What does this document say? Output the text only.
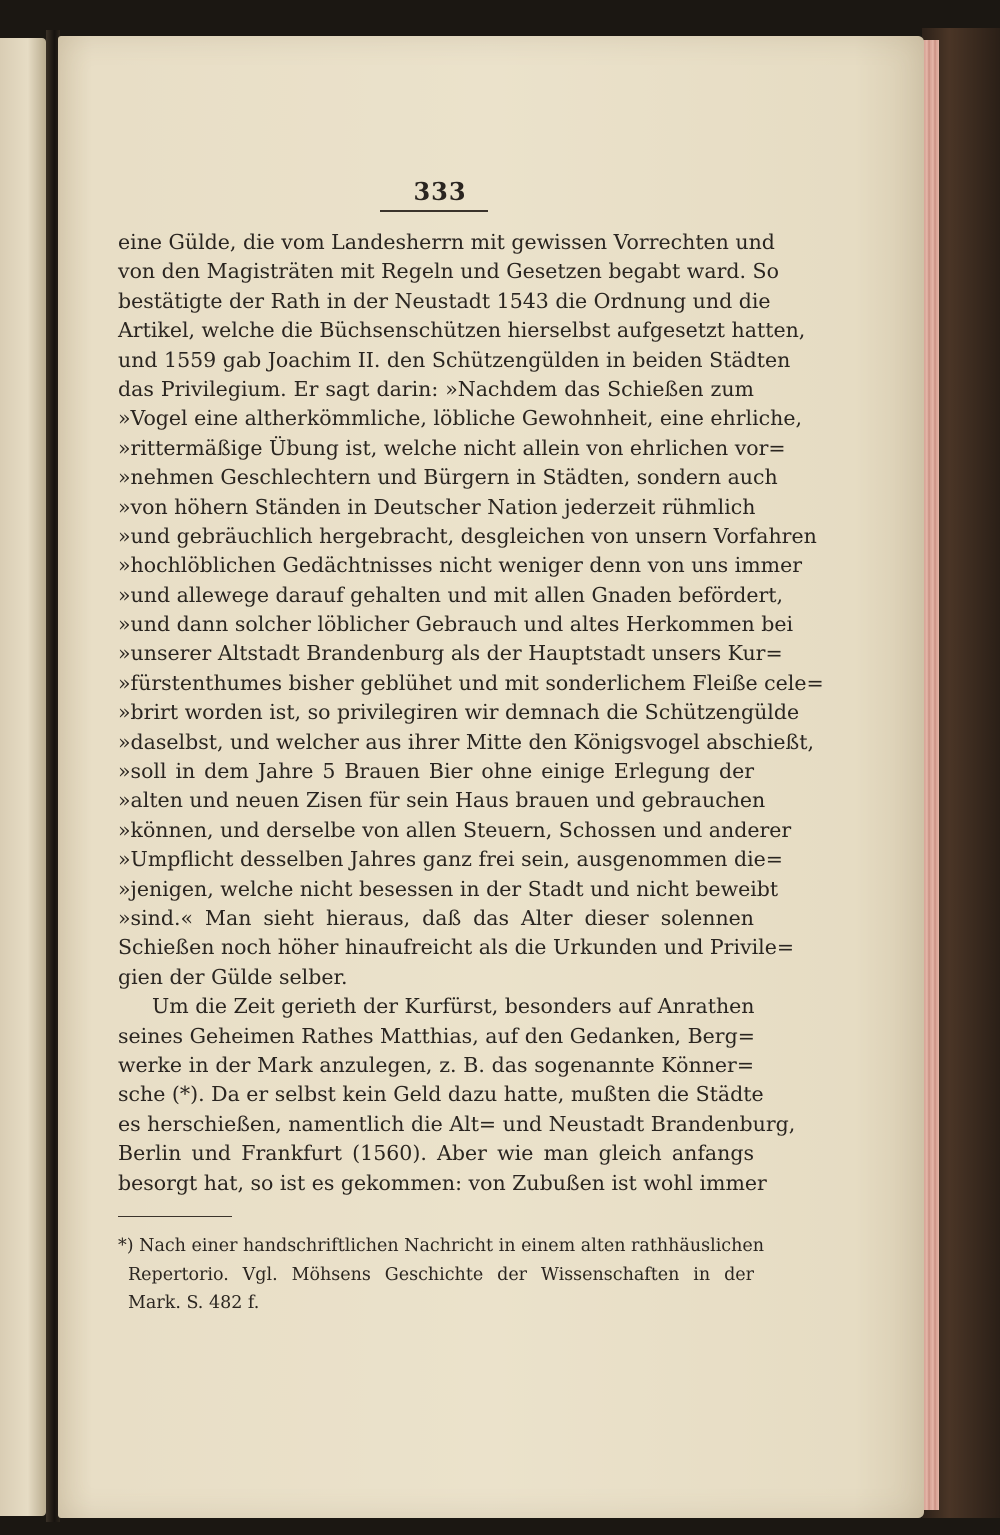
333
eine Gülde, die vom Landesherrn mit gewissen Vorrechten und
von den Magisträten mit Regeln und Gesetzen begabt ward. So
bestätigte der Rath in der Neustadt 1543 die Ordnung und die
Artikel, welche die Büchsenschützen hierselbst aufgesetzt hatten,
und 1559 gab Joachim II. den Schützengülden in beiden Städten
das Privilegium. Er sagt darin: »Nachdem das Schießen zum
»Vogel eine altherkömmliche, löbliche Gewohnheit, eine ehrliche,
»rittermäßige Übung ist, welche nicht allein von ehrlichen vor=
»nehmen Geschlechtern und Bürgern in Städten, sondern auch
»von höhern Ständen in Deutscher Nation jederzeit rühmlich
»und gebräuchlich hergebracht, desgleichen von unsern Vorfahren
»hochlöblichen Gedächtnisses nicht weniger denn von uns immer
»und allewege darauf gehalten und mit allen Gnaden befördert,
»und dann solcher löblicher Gebrauch und altes Herkommen bei
»unserer Altstadt Brandenburg als der Hauptstadt unsers Kur=
»fürstenthumes bisher geblühet und mit sonderlichem Fleiße cele=
»brirt worden ist, so privilegiren wir demnach die Schützengülde
»daselbst, und welcher aus ihrer Mitte den Königsvogel abschießt,
»soll in dem Jahre 5 Brauen Bier ohne einige Erlegung der
»alten und neuen Zisen für sein Haus brauen und gebrauchen
»können, und derselbe von allen Steuern, Schossen und anderer
»Umpflicht desselben Jahres ganz frei sein, ausgenommen die=
»jenigen, welche nicht besessen in der Stadt und nicht beweibt
»sind.« Man sieht hieraus, daß das Alter dieser solennen
Schießen noch höher hinaufreicht als die Urkunden und Privile=
gien der Gülde selber.
Um die Zeit gerieth der Kurfürst, besonders auf Anrathen
seines Geheimen Rathes Matthias, auf den Gedanken, Berg=
werke in der Mark anzulegen, z. B. das sogenannte Könner=
sche (*). Da er selbst kein Geld dazu hatte, mußten die Städte
es herschießen, namentlich die Alt= und Neustadt Brandenburg,
Berlin und Frankfurt (1560). Aber wie man gleich anfangs
besorgt hat, so ist es gekommen: von Zubußen ist wohl immer
*) Nach einer handschriftlichen Nachricht in einem alten rathhäuslichen
Repertorio. Vgl. Möhsens Geschichte der Wissenschaften in der
Mark. S. 482 f.
